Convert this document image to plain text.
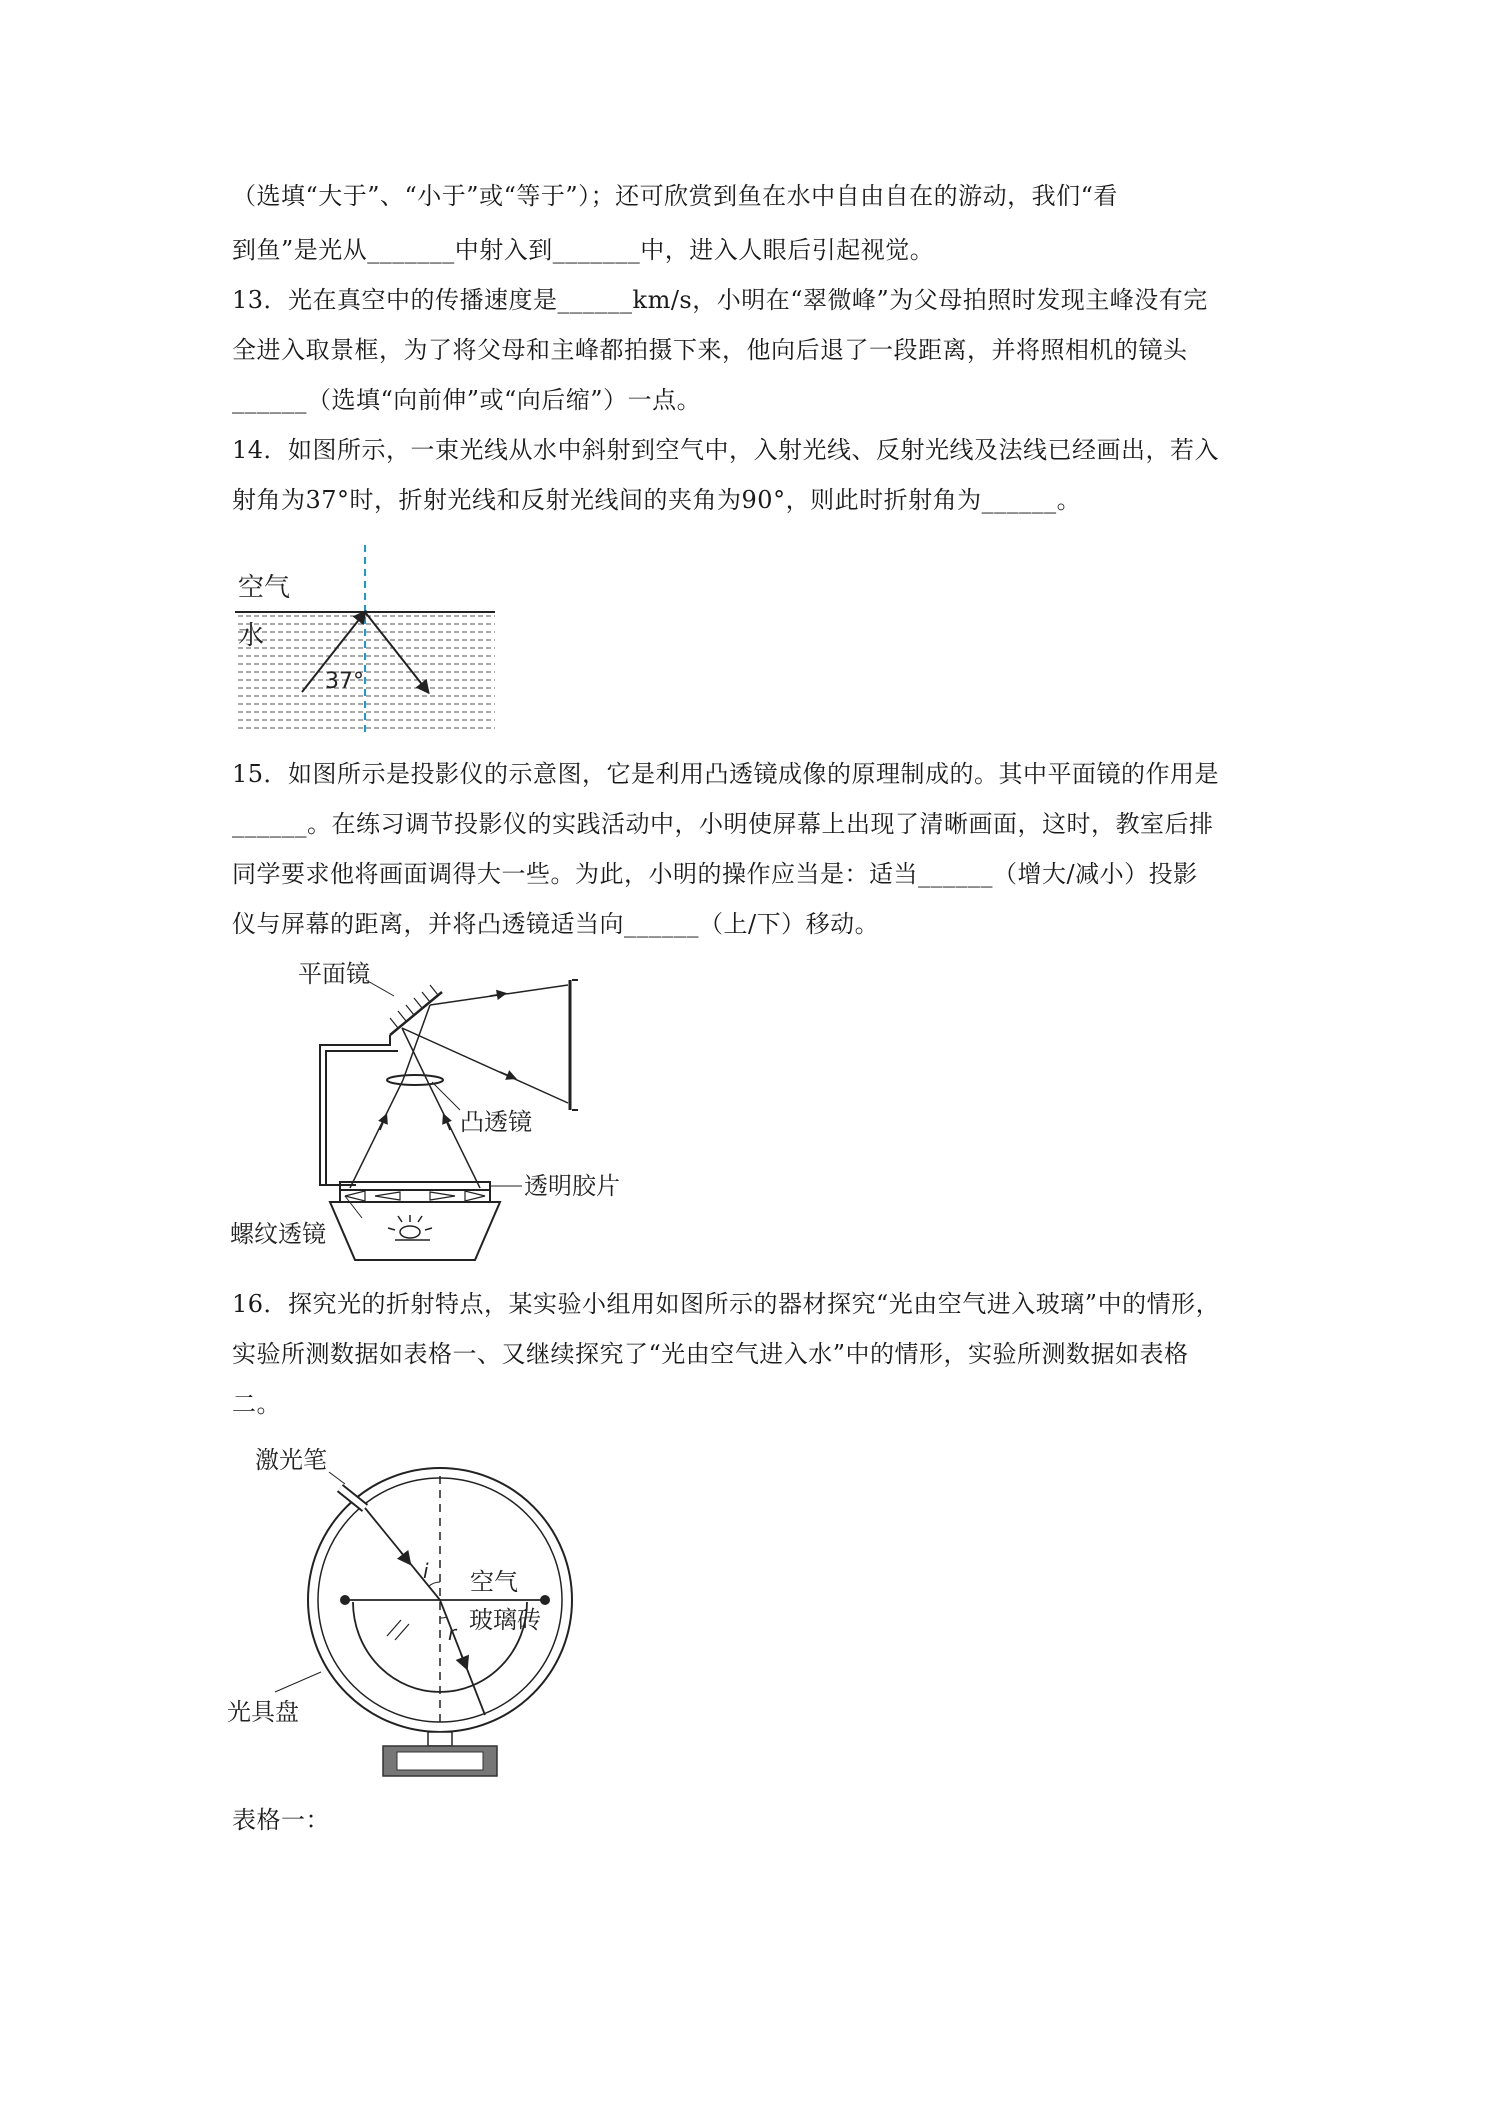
（选填“大于”、“小于”或“等于”）；还可欣赏到鱼在水中自由自在的游动，我们“看
到鱼”是光从_______中射入到_______中，进入人眼后引起视觉。
13．光在真空中的传播速度是______km/s，小明在“翠微峰”为父母拍照时发现主峰没有完
全进入取景框，为了将父母和主峰都拍摄下来，他向后退了一段距离，并将照相机的镜头
______（选填“向前伸”或“向后缩”）一点。
14．如图所示，一束光线从水中斜射到空气中，入射光线、反射光线及法线已经画出，若入
射角为37°时，折射光线和反射光线间的夹角为90°，则此时折射角为______。
空气
水
37°
15．如图所示是投影仪的示意图，它是利用凸透镜成像的原理制成的。其中平面镜的作用是
______。在练习调节投影仪的实践活动中，小明使屏幕上出现了清晰画面，这时，教室后排
同学要求他将画面调得大一些。为此，小明的操作应当是：适当______（增大/减小）投影
仪与屏幕的距离，并将凸透镜适当向______（上/下）移动。
平面镜
凸透镜
透明胶片
螺纹透镜
16．探究光的折射特点，某实验小组用如图所示的器材探究“光由空气进入玻璃”中的情形，
实验所测数据如表格一、又继续探究了“光由空气进入水”中的情形，实验所测数据如表格
二。
激光笔
i 空气
玻璃砖
r
光具盘
表格一：
